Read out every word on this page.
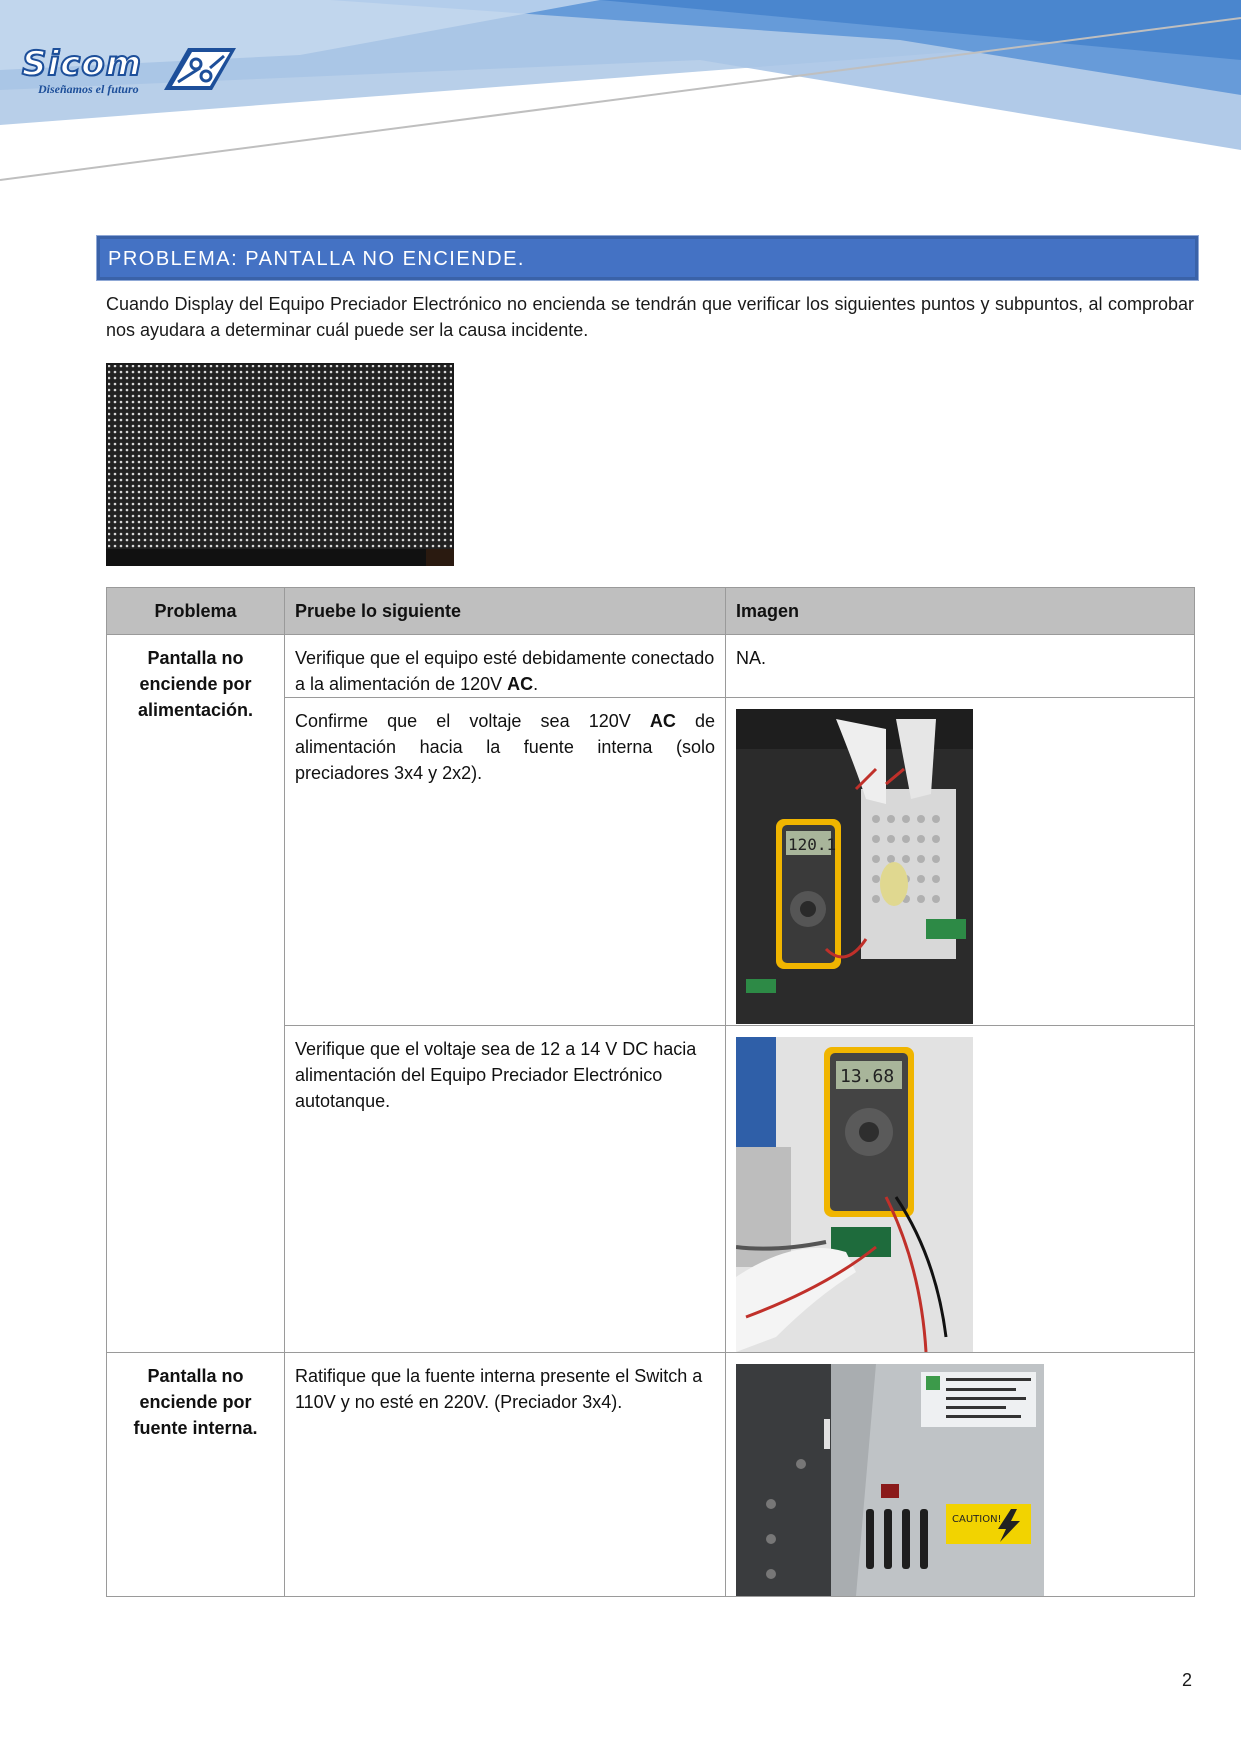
Sicom
Diseñamos el futuro
PROBLEMA: PANTALLA NO ENCIENDE.
Cuando Display del Equipo Preciador Electrónico no encienda se tendrán que verificar los siguientes puntos y subpuntos, al comprobar nos ayudara a determinar cuál puede ser la causa incidente.
Problema	Pruebe lo siguiente	Imagen

Pantalla no enciende por alimentación.	Verifique que el equipo esté debidamente conectado a la alimentación de 120V AC.	NA.

	Confirme que el voltaje sea 120V AC de alimentación hacia la fuente interna (solo preciadores 3x4 y 2x2).	120.1

	Verifique que el voltaje sea de 12 a 14 V DC hacia alimentación del Equipo Preciador Electrónico autotanque.	13.68

Pantalla no enciende por fuente interna.	Ratifique que la fuente interna presente el Switch a 110V y no esté en 220V. (Preciador 3x4).	CAUTION!
2
